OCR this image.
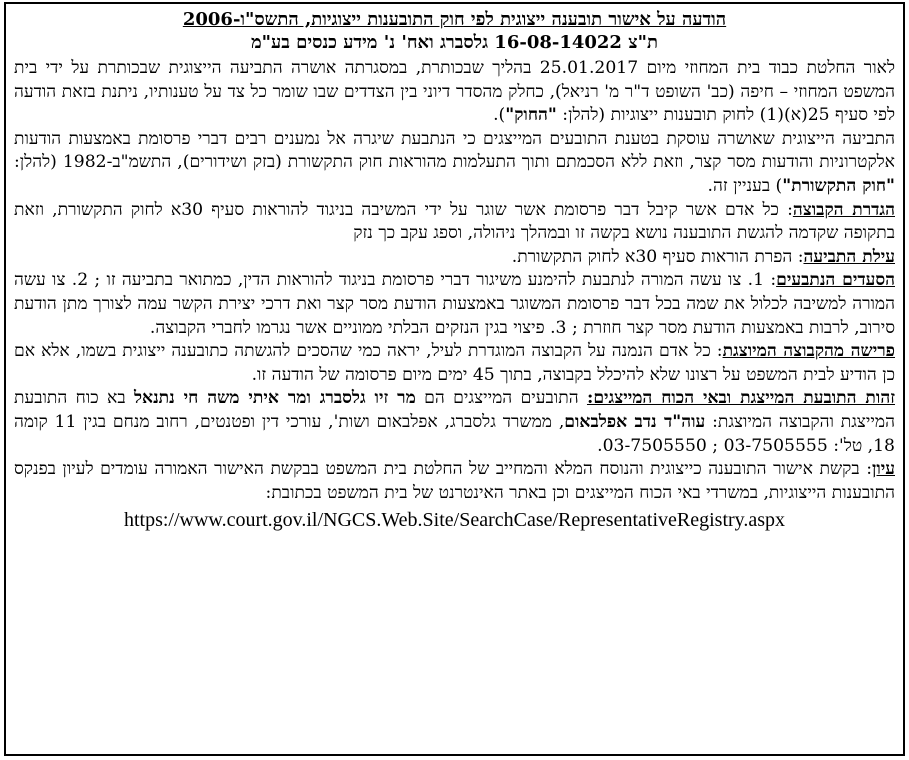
הודעה על אישור תובענה ייצוגית לפי חוק התובענות ייצוגיות, התשס"ו-2006
ת"צ 16-08-14022 גלסברג ואח' נ' מידע כנסים בע"מ

לאור החלטת כבוד בית המחוזי מיום 25.01.2017 בהליך שבכותרת, במסגרתה אושרה התביעה הייצוגית שבכותרת על ידי בית המשפט המחוזי – חיפה (כב' השופט ד"ר מ' רניאל), כחלק מהסדר דיוני בין הצדדים שבו שומר כל צד על טענותיו, ניתנת בזאת הודעה לפי סעיף 25(א)(1) לחוק תובענות ייצוגיות (להלן: "החוק").

התביעה הייצוגית שאושרה עוסקת בטענת התובעים המייצגים כי הנתבעת שיגרה אל נמענים רבים דברי פרסומת באמצעות הודעות אלקטרוניות והודעות מסר קצר, וזאת ללא הסכמתם ותוך התעלמות מהוראות חוק התקשורת (בזק ושידורים), התשמ"ב-1982 (להלן: "חוק התקשורת") בעניין זה.

הגדרת הקבוצה: כל אדם אשר קיבל דבר פרסומת אשר שוגר על ידי המשיבה בניגוד להוראות סעיף 30א לחוק התקשורת, וזאת בתקופה שקדמה להגשת התובענה נושא בקשה זו ובמהלך ניהולה, וספג עקב כך נזק

עילת התביעה: הפרת הוראות סעיף 30א לחוק התקשורת.

הסעדים הנתבעים: 1. צו עשה המורה לנתבעת להימנע משיגור דברי פרסומת בניגוד להוראות הדין, כמתואר בתביעה זו ; 2. צו עשה המורה למשיבה לכלול את שמה בכל דבר פרסומת המשוגר באמצעות הודעת מסר קצר ואת דרכי יצירת הקשר עמה לצורך מתן הודעת סירוב, לרבות באמצעות הודעת מסר קצר חוזרת ; 3. פיצוי בגין הנזקים הבלתי ממוניים אשר נגרמו לחברי הקבוצה.

פרישה מהקבוצה המיוצגת: כל אדם הנמנה על הקבוצה המוגדרת לעיל, יראה כמי שהסכים להגשתה כתובענה ייצוגית בשמו, אלא אם כן הודיע לבית המשפט על רצונו שלא להיכלל בקבוצה, בתוך 45 ימים מיום פרסומה של הודעה זו.

זהות התובעת המייצגת ובאי הכוח המייצגים: התובעים המייצגים הם מר זיו גלסברג ומר איתי משה חי נתנאל בא כוח התובעת המייצגת והקבוצה המיוצגת: עוה"ד נדב אפלבאום, ממשרד גלסברג, אפלבאום ושות', עורכי דין ופטנטים, רחוב מנחם בגין 11 קומה 18, טל': 03-7505555 ; 03-7505550.

עיון: בקשת אישור התובענה כייצוגית והנוסח המלא והמחייב של החלטת בית המשפט בבקשת האישור האמורה עומדים לעיון בפנקס התובענות הייצוגיות, במשרדי באי הכוח המייצגים וכן באתר האינטרנט של בית המשפט בכתובת:

https://www.court.gov.il/NGCS.Web.Site/SearchCase/RepresentativeRegistry.aspx
